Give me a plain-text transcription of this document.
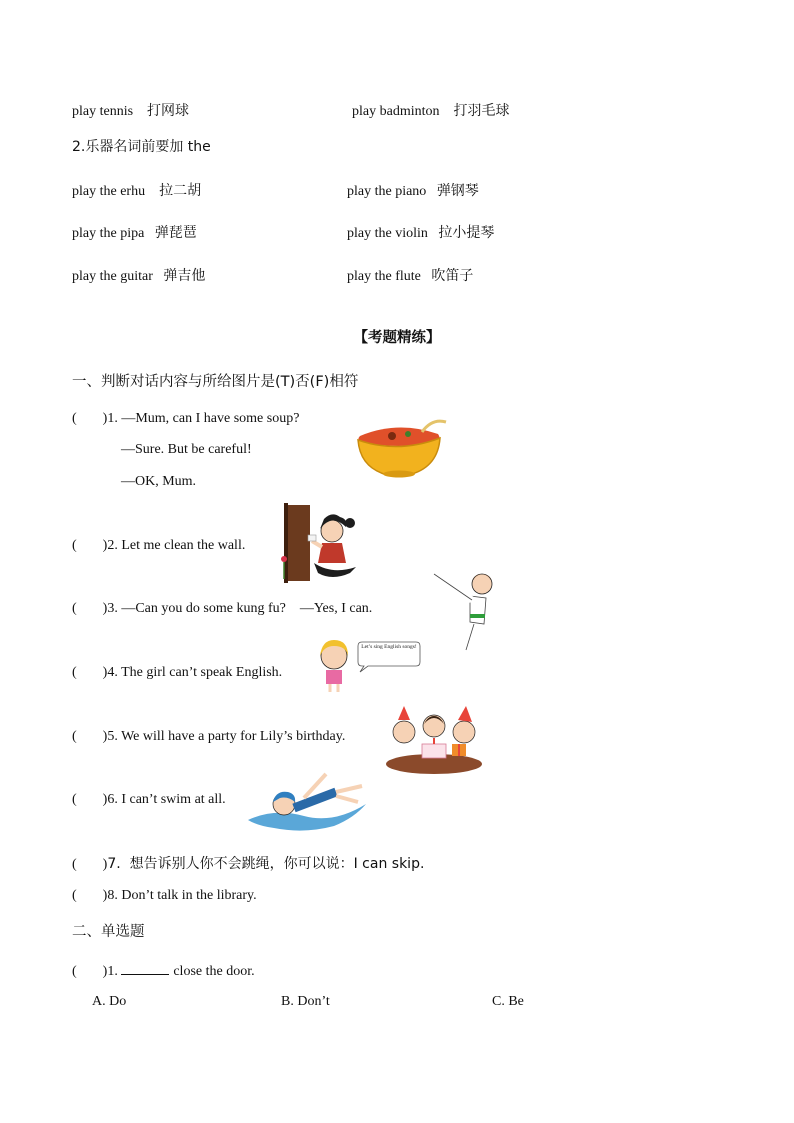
play tennis 打网球	play badminton 打羽毛球
2.乐器名词前要加 the
play the erhu 拉二胡	play the piano 弹钢琴
play the pipa 弹琵琶	play the violin 拉小提琴
play the guitar 弹吉他	play the flute 吹笛子
【考题精练】
一、判断对话内容与所给图片是(T)否(F)相符
( )1. —Mum, can I have some soup?
—Sure. But be careful!
—OK, Mum.
( )2. Let me clean the wall.
( )3. —Can you do some kung fu?    —Yes, I can.
( )4. The girl can’t speak English.
Let’s sing English songs!
( )5. We will have a party for Lily’s birthday.
( )6. I can’t swim at all.
( )7.  想告诉别人你不会跳绳，你可以说：I can skip.
( )8. Don’t talk in the library.
二、单选题
( )1.	close the door.
A. Do	B. Don’t	C. Be
